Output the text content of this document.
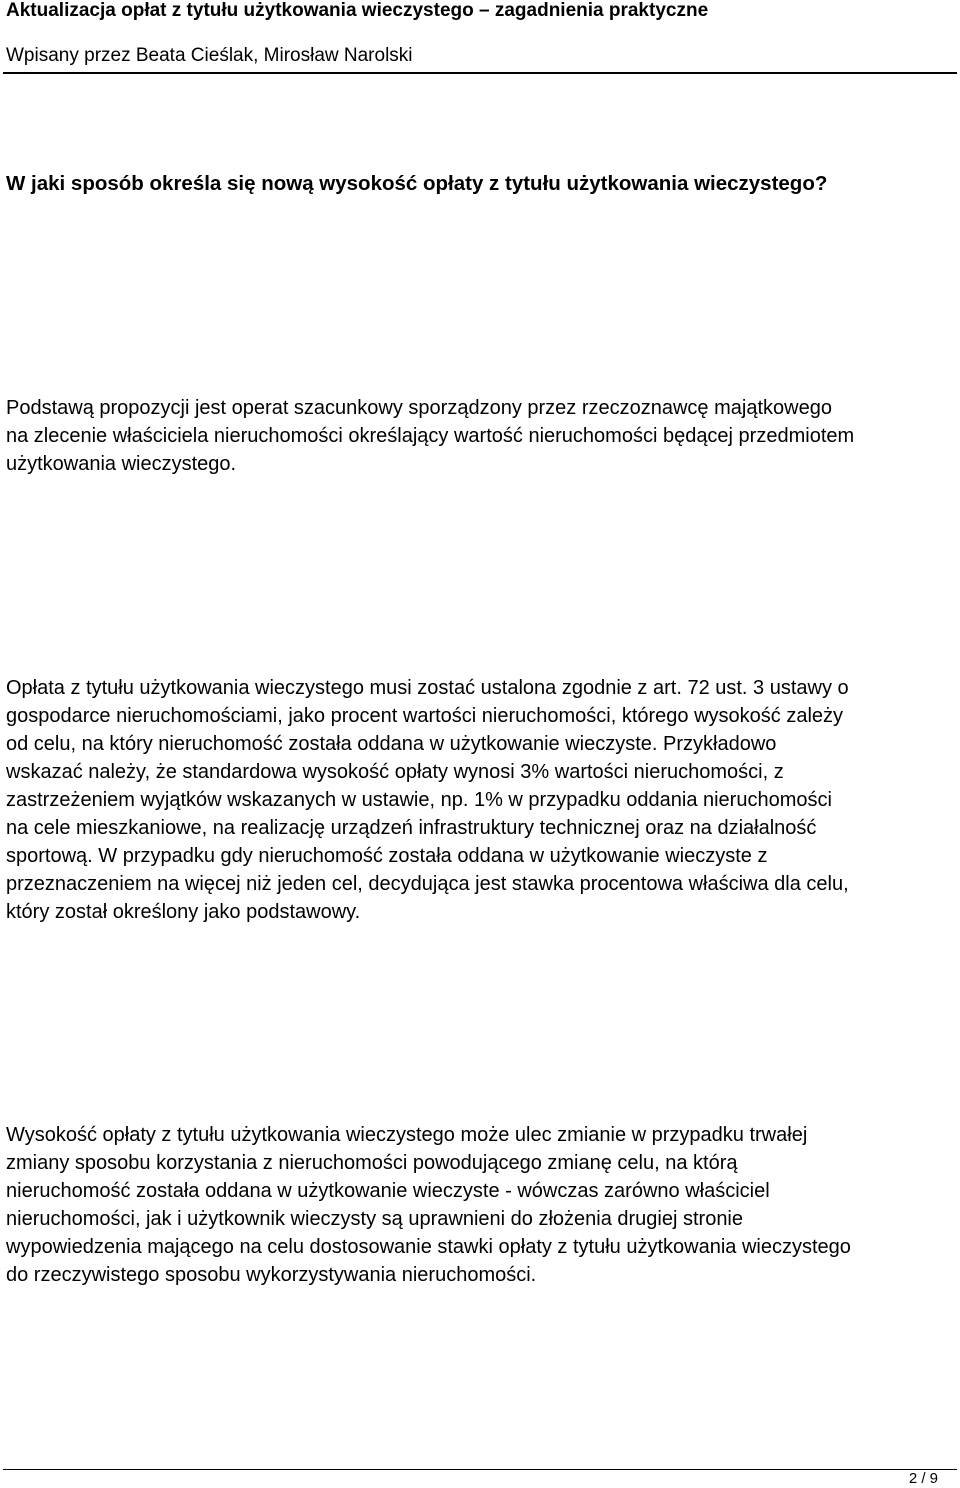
Aktualizacja opłat z tytułu użytkowania wieczystego – zagadnienia praktyczne
Wpisany przez Beata Cieślak, Mirosław Narolski
W jaki sposób określa się nową wysokość opłaty z tytułu użytkowania wieczystego?
Podstawą propozycji jest operat szacunkowy sporządzony przez rzeczoznawcę majątkowego
na zlecenie właściciela nieruchomości określający wartość nieruchomości będącej przedmiotem
użytkowania wieczystego.
Opłata z tytułu użytkowania wieczystego musi zostać ustalona zgodnie z art. 72 ust. 3 ustawy o
gospodarce nieruchomościami, jako procent wartości nieruchomości, którego wysokość zależy
od celu, na który nieruchomość została oddana w użytkowanie wieczyste. Przykładowo
wskazać należy, że standardowa wysokość opłaty wynosi 3% wartości nieruchomości, z
zastrzeżeniem wyjątków wskazanych w ustawie, np. 1% w przypadku oddania nieruchomości
na cele mieszkaniowe, na realizację urządzeń infrastruktury technicznej oraz na działalność
sportową. W przypadku gdy nieruchomość została oddana w użytkowanie wieczyste z
przeznaczeniem na więcej niż jeden cel, decydująca jest stawka procentowa właściwa dla celu,
który został określony jako podstawowy.
Wysokość opłaty z tytułu użytkowania wieczystego może ulec zmianie w przypadku trwałej
zmiany sposobu korzystania z nieruchomości powodującego zmianę celu, na którą
nieruchomość została oddana w użytkowanie wieczyste - wówczas zarówno właściciel
nieruchomości, jak i użytkownik wieczysty są uprawnieni do złożenia drugiej stronie
wypowiedzenia mającego na celu dostosowanie stawki opłaty z tytułu użytkowania wieczystego
do rzeczywistego sposobu wykorzystywania nieruchomości.
2 / 9
